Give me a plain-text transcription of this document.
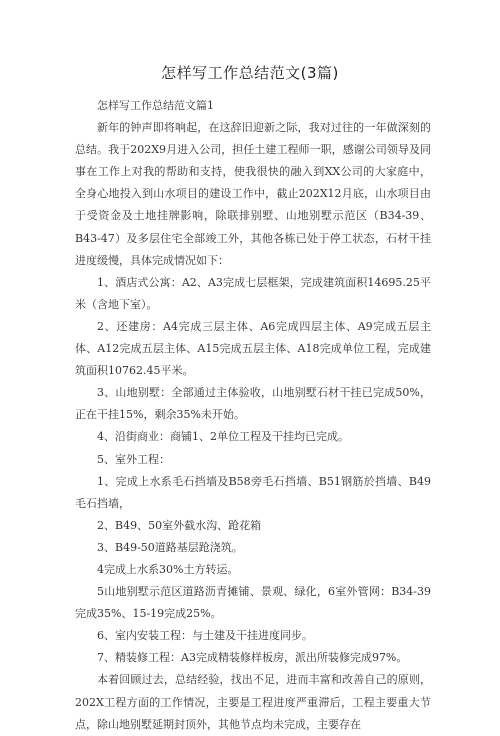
怎样写工作总结范文(3篇)

怎样写工作总结范文篇1

新年的钟声即将响起，在这辞旧迎新之际，我对过往的一年做深刻的总结。我于202X9月进入公司，担任土建工程师一职，感谢公司领导及同事在工作上对我的帮助和支持，使我很快的融入到XX公司的大家庭中，全身心地投入到山水项目的建设工作中，截止202X12月底，山水项目由于受资金及土地挂牌影响，除联排别墅、山地别墅示范区（B34-39、B43-47）及多层住宅全部竣工外，其他各栋已处于停工状态，石材干挂进度缓慢，具体完成情况如下：

1、酒店式公寓：A2、A3完成七层框架，完成建筑面积14695.25平米（含地下室）。

2、还建房：A4完成三层主体、A6完成四层主体、A9完成五层主体、A12完成五层主体、A15完成五层主体、A18完成单位工程，完成建筑面积10762.45平米。

3、山地别墅：全部通过主体验收，山地别墅石材干挂已完成50%，正在干挂15%，剩余35%未开始。

4、沿街商业：商铺1、2单位工程及干挂均已完成。

5、室外工程：

1、完成上水系毛石挡墙及B58旁毛石挡墙、B51钢筋於挡墙、B49毛石挡墙，

2、B49、50室外截水沟、跄花箱

3、B49-50道路基层跄浇筑。

4完成上水系30%土方转运。

5山地别墅示范区道路沥青摊铺、景观、绿化，6室外管网：B34-39完成35%、15-19完成25%。

6、室内安装工程：与土建及干挂进度同步。

7、精装修工程：A3完成精装修样板房，派出所装修完成97%。

本着回顾过去，总结经验，找出不足，进而丰富和改善自己的原则，202X工程方面的工作情况，主要是工程进度严重滞后，工程主要重大节点，除山地别墅延期封顶外，其他节点均未完成，主要存在
